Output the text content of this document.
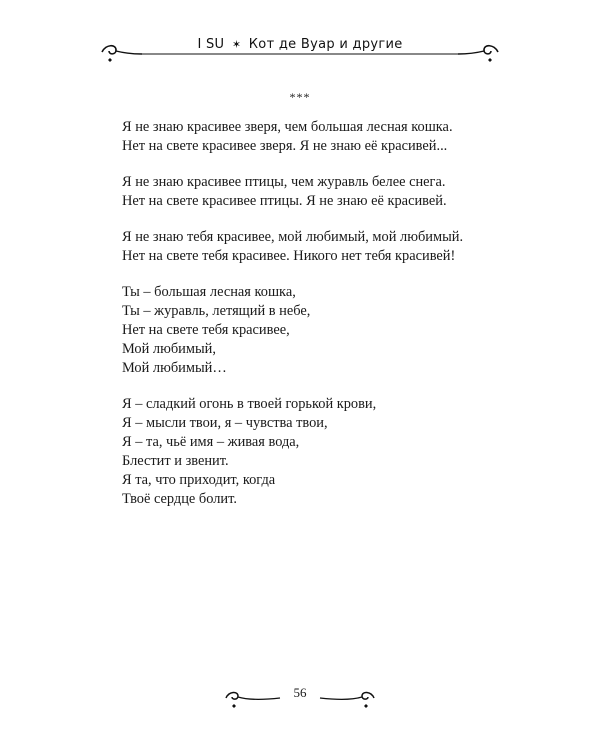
I SU ✶ Кот де Вуар и другие
***
Я не знаю красивее зверя, чем большая лесная кошка.
Нет на свете красивее зверя. Я не знаю её красивей...
Я не знаю красивее птицы, чем журавль белее снега.
Нет на свете красивее птицы. Я не знаю её красивей.
Я не знаю тебя красивее, мой любимый, мой любимый.
Нет на свете тебя красивее. Никого нет тебя красивей!
Ты – большая лесная кошка,
Ты – журавль, летящий в небе,
Нет на свете тебя красивее,
Мой любимый,
Мой любимый…
Я – сладкий огонь в твоей горькой крови,
Я – мысли твои, я – чувства твои,
Я – та, чьё имя – живая вода,
Блестит и звенит.
Я та, что приходит, когда
Твоё сердце болит.
56
